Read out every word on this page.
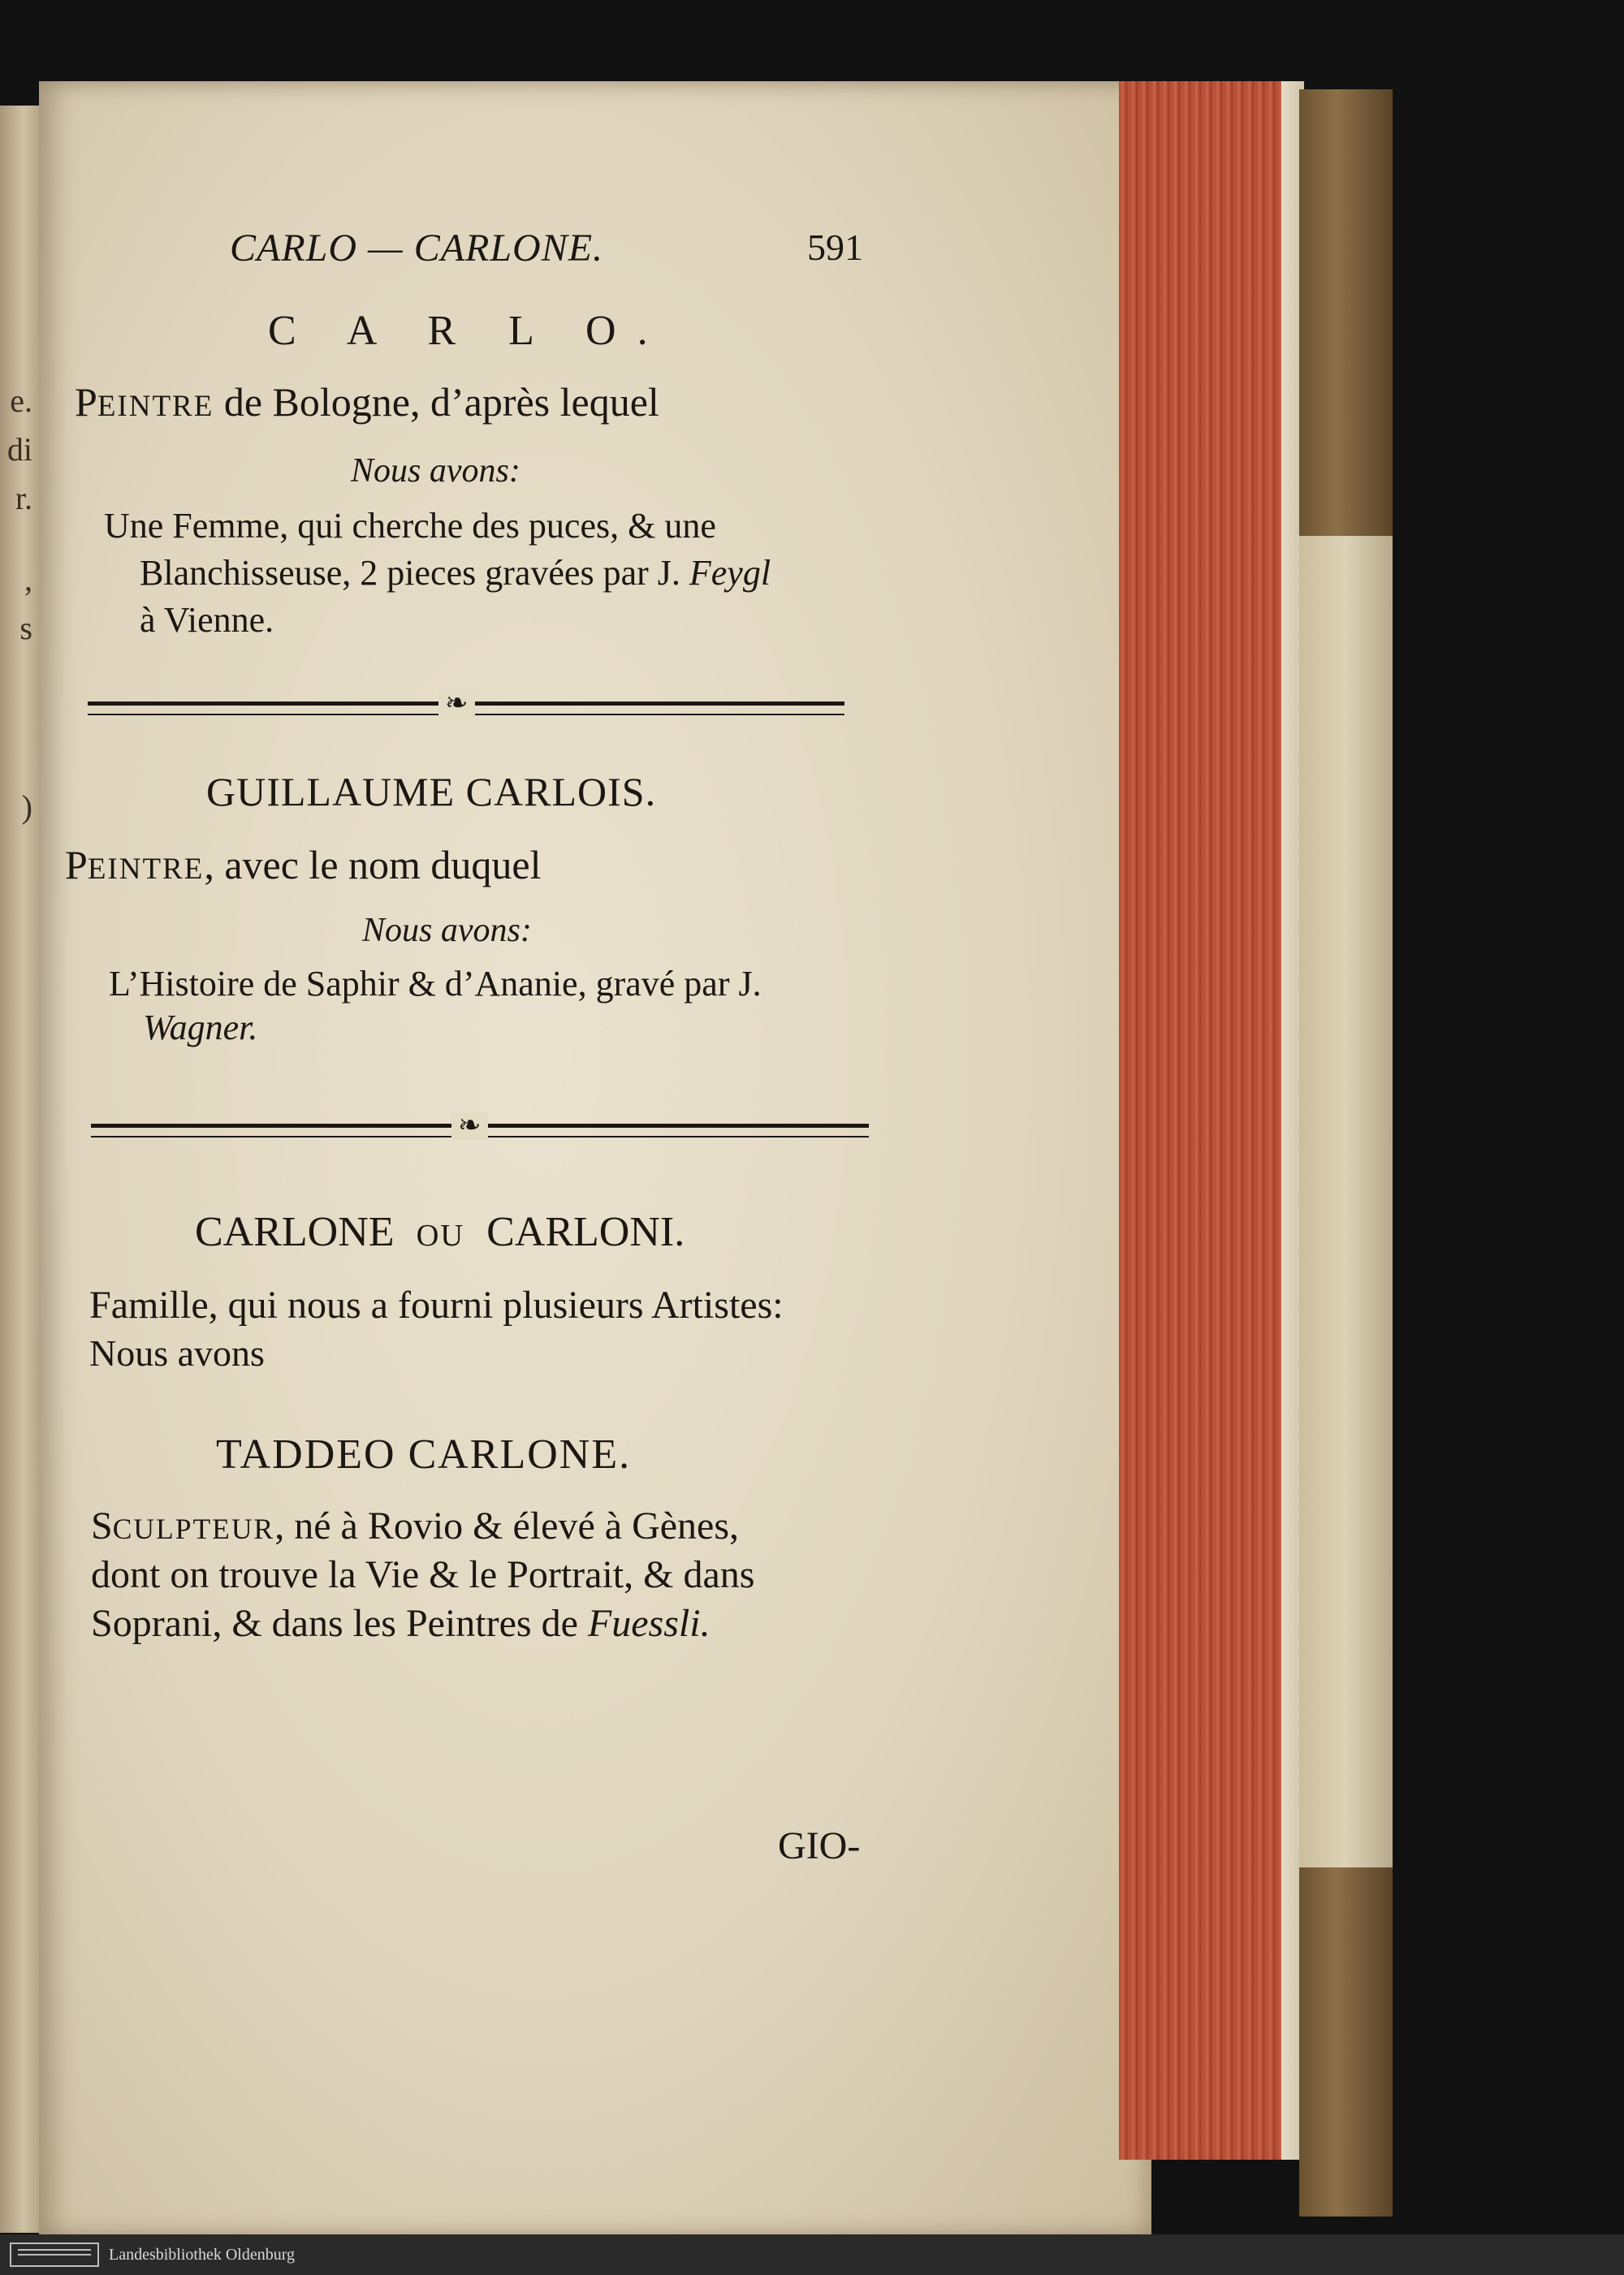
e.
di
r.
,
s
)
CARLO — CARLONE.	591
C A R L O.
PEINTRE de Bologne, d’après lequel
Nous avons:
Une Femme, qui cherche des puces, & une
Blanchisseuse, 2 pieces gravées par J. Feygl
à Vienne.
❧
GUILLAUME CARLOIS.
PEINTRE, avec le nom duquel
Nous avons:
L’Histoire de Saphir & d’Ananie, gravé par J.
Wagner.
❧
CARLONE OU CARLONI.
Famille, qui nous a fourni plusieurs Artistes:
Nous avons
TADDEO CARLONE.
SCULPTEUR, né à Rovio & élevé à Gènes,
dont on trouve la Vie & le Portrait, & dans
Soprani, & dans les Peintres de Fuessli.
GIO-
Landesbibliothek Oldenburg
